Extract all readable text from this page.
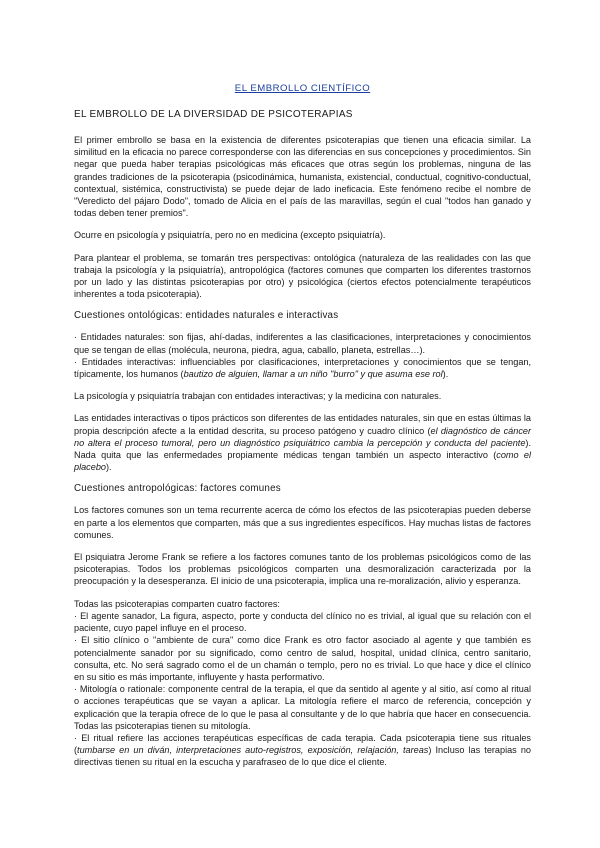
EL EMBROLLO CIENTÍFICO
EL EMBROLLO DE LA DIVERSIDAD DE PSICOTERAPIAS

El primer embrollo se basa en la existencia de diferentes psicoterapias que tienen una eficacia similar. La similitud en la eficacia no parece corresponderse con las diferencias en sus concepciones y procedimientos. Sin negar que pueda haber terapias psicológicas más eficaces que otras según los problemas, ninguna de las grandes tradiciones de la psicoterapia (psicodinámica, humanista, existencial, conductual, cognitivo-conductual, contextual, sistémica, constructivista) se puede dejar de lado ineficacia. Este fenómeno recibe el nombre de "Veredicto del pájaro Dodo", tomado de Alicia en el país de las maravillas, según el cual "todos han ganado y todas deben tener premios".

Ocurre en psicología y psiquiatría, pero no en medicina (excepto psiquiatría).

Para plantear el problema, se tomarán tres perspectivas: ontológica (naturaleza de las realidades con las que trabaja la psicología y la psiquiatría), antropológica (factores comunes que comparten los diferentes trastornos por un lado y las distintas psicoterapias por otro) y psicológica (ciertos efectos potencialmente terapéuticos inherentes a toda psicoterapia).

Cuestiones ontológicas: entidades naturales e interactivas

· Entidades naturales: son fijas, ahí-dadas, indiferentes a las clasificaciones, interpretaciones y conocimientos que se tengan de ellas (molécula, neurona, piedra, agua, caballo, planeta, estrellas…).

· Entidades interactivas: influenciables por clasificaciones, interpretaciones y conocimientos que se tengan, típicamente, los humanos (bautizo de alguien, llamar a un niño "burro" y que asuma ese rol).

La psicología y psiquiatría trabajan con entidades interactivas; y la medicina con naturales.

Las entidades interactivas o tipos prácticos son diferentes de las entidades naturales, sin que en estas últimas la propia descripción afecte a la entidad descrita, su proceso patógeno y cuadro clínico (el diagnóstico de cáncer no altera el proceso tumoral, pero un diagnóstico psiquiátrico cambia la percepción y conducta del paciente). Nada quita que las enfermedades propiamente médicas tengan también un aspecto interactivo (como el placebo).

Cuestiones antropológicas: factores comunes

Los factores comunes son un tema recurrente acerca de cómo los efectos de las psicoterapias pueden deberse en parte a los elementos que comparten, más que a sus ingredientes específicos. Hay muchas listas de factores comunes.

El psiquiatra Jerome Frank se refiere a los factores comunes tanto de los problemas psicológicos como de las psicoterapias. Todos los problemas psicológicos comparten una desmoralización caracterizada por la preocupación y la desesperanza. El inicio de una psicoterapia, implica una re-moralización, alivio y esperanza.

Todas las psicoterapias comparten cuatro factores:

· El agente sanador, La figura, aspecto, porte y conducta del clínico no es trivial, al igual que su relación con el paciente, cuyo papel influye en el proceso.

· El sitio clínico o "ambiente de cura" como dice Frank es otro factor asociado al agente y que también es potencialmente sanador por su significado, como centro de salud, hospital, unidad clínica, centro sanitario, consulta, etc. No será sagrado como el de un chamán o templo, pero no es trivial. Lo que hace y dice el clínico en su sitio es más importante, influyente y hasta performativo.

· Mitología o rationale: componente central de la terapia, el que da sentido al agente y al sitio, así como al ritual o acciones terapéuticas que se vayan a aplicar. La mitología refiere el marco de referencia, concepción y explicación que la terapia ofrece de lo que le pasa al consultante y de lo que habría que hacer en consecuencia. Todas las psicoterapias tienen su mitología.

· El ritual refiere las acciones terapéuticas específicas de cada terapia. Cada psicoterapia tiene sus rituales (tumbarse en un diván, interpretaciones auto-registros, exposición, relajación, tareas) Incluso las terapias no directivas tienen su ritual en la escucha y parafraseo de lo que dice el cliente.
